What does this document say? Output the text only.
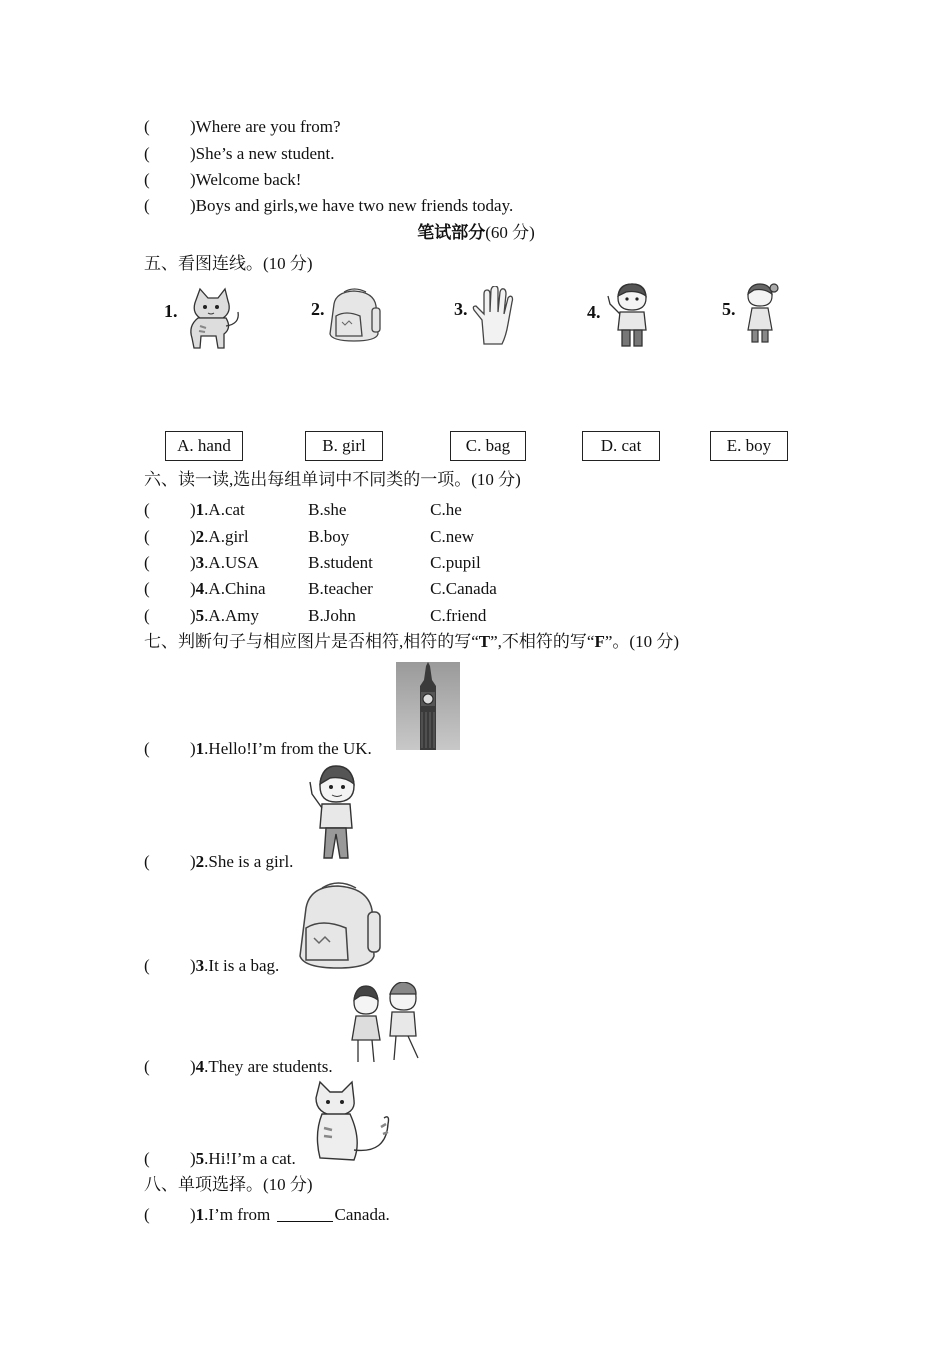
( )Where are you from?
( )She’s a new student.
( )Welcome back!
( )Boys and girls,we have two new friends today.
笔试部分(60 分)
五、看图连线。(10 分)
1.	2.	3.	4.	5.
A. hand	B. girl	C. bag	D. cat	E. boy
六、读一读,选出每组单词中不同类的一项。(10 分)
( )1.A.cat	B.she	C.he
( )2.A.girl	B.boy	C.new
( )3.A.USA	B.student	C.pupil
( )4.A.China	B.teacher	C.Canada
( )5.A.Amy	B.John	C.friend
七、判断句子与相应图片是否相符,相符的写“T”,不相符的写“F”。(10 分)
( )1.Hello!I’m from the UK.
( )2.She is a girl.
( )3.It is a bag.
( )4.They are students.
( )5.Hi!I’m a cat.
八、单项选择。(10 分)
( )1.I’m from	Canada.
